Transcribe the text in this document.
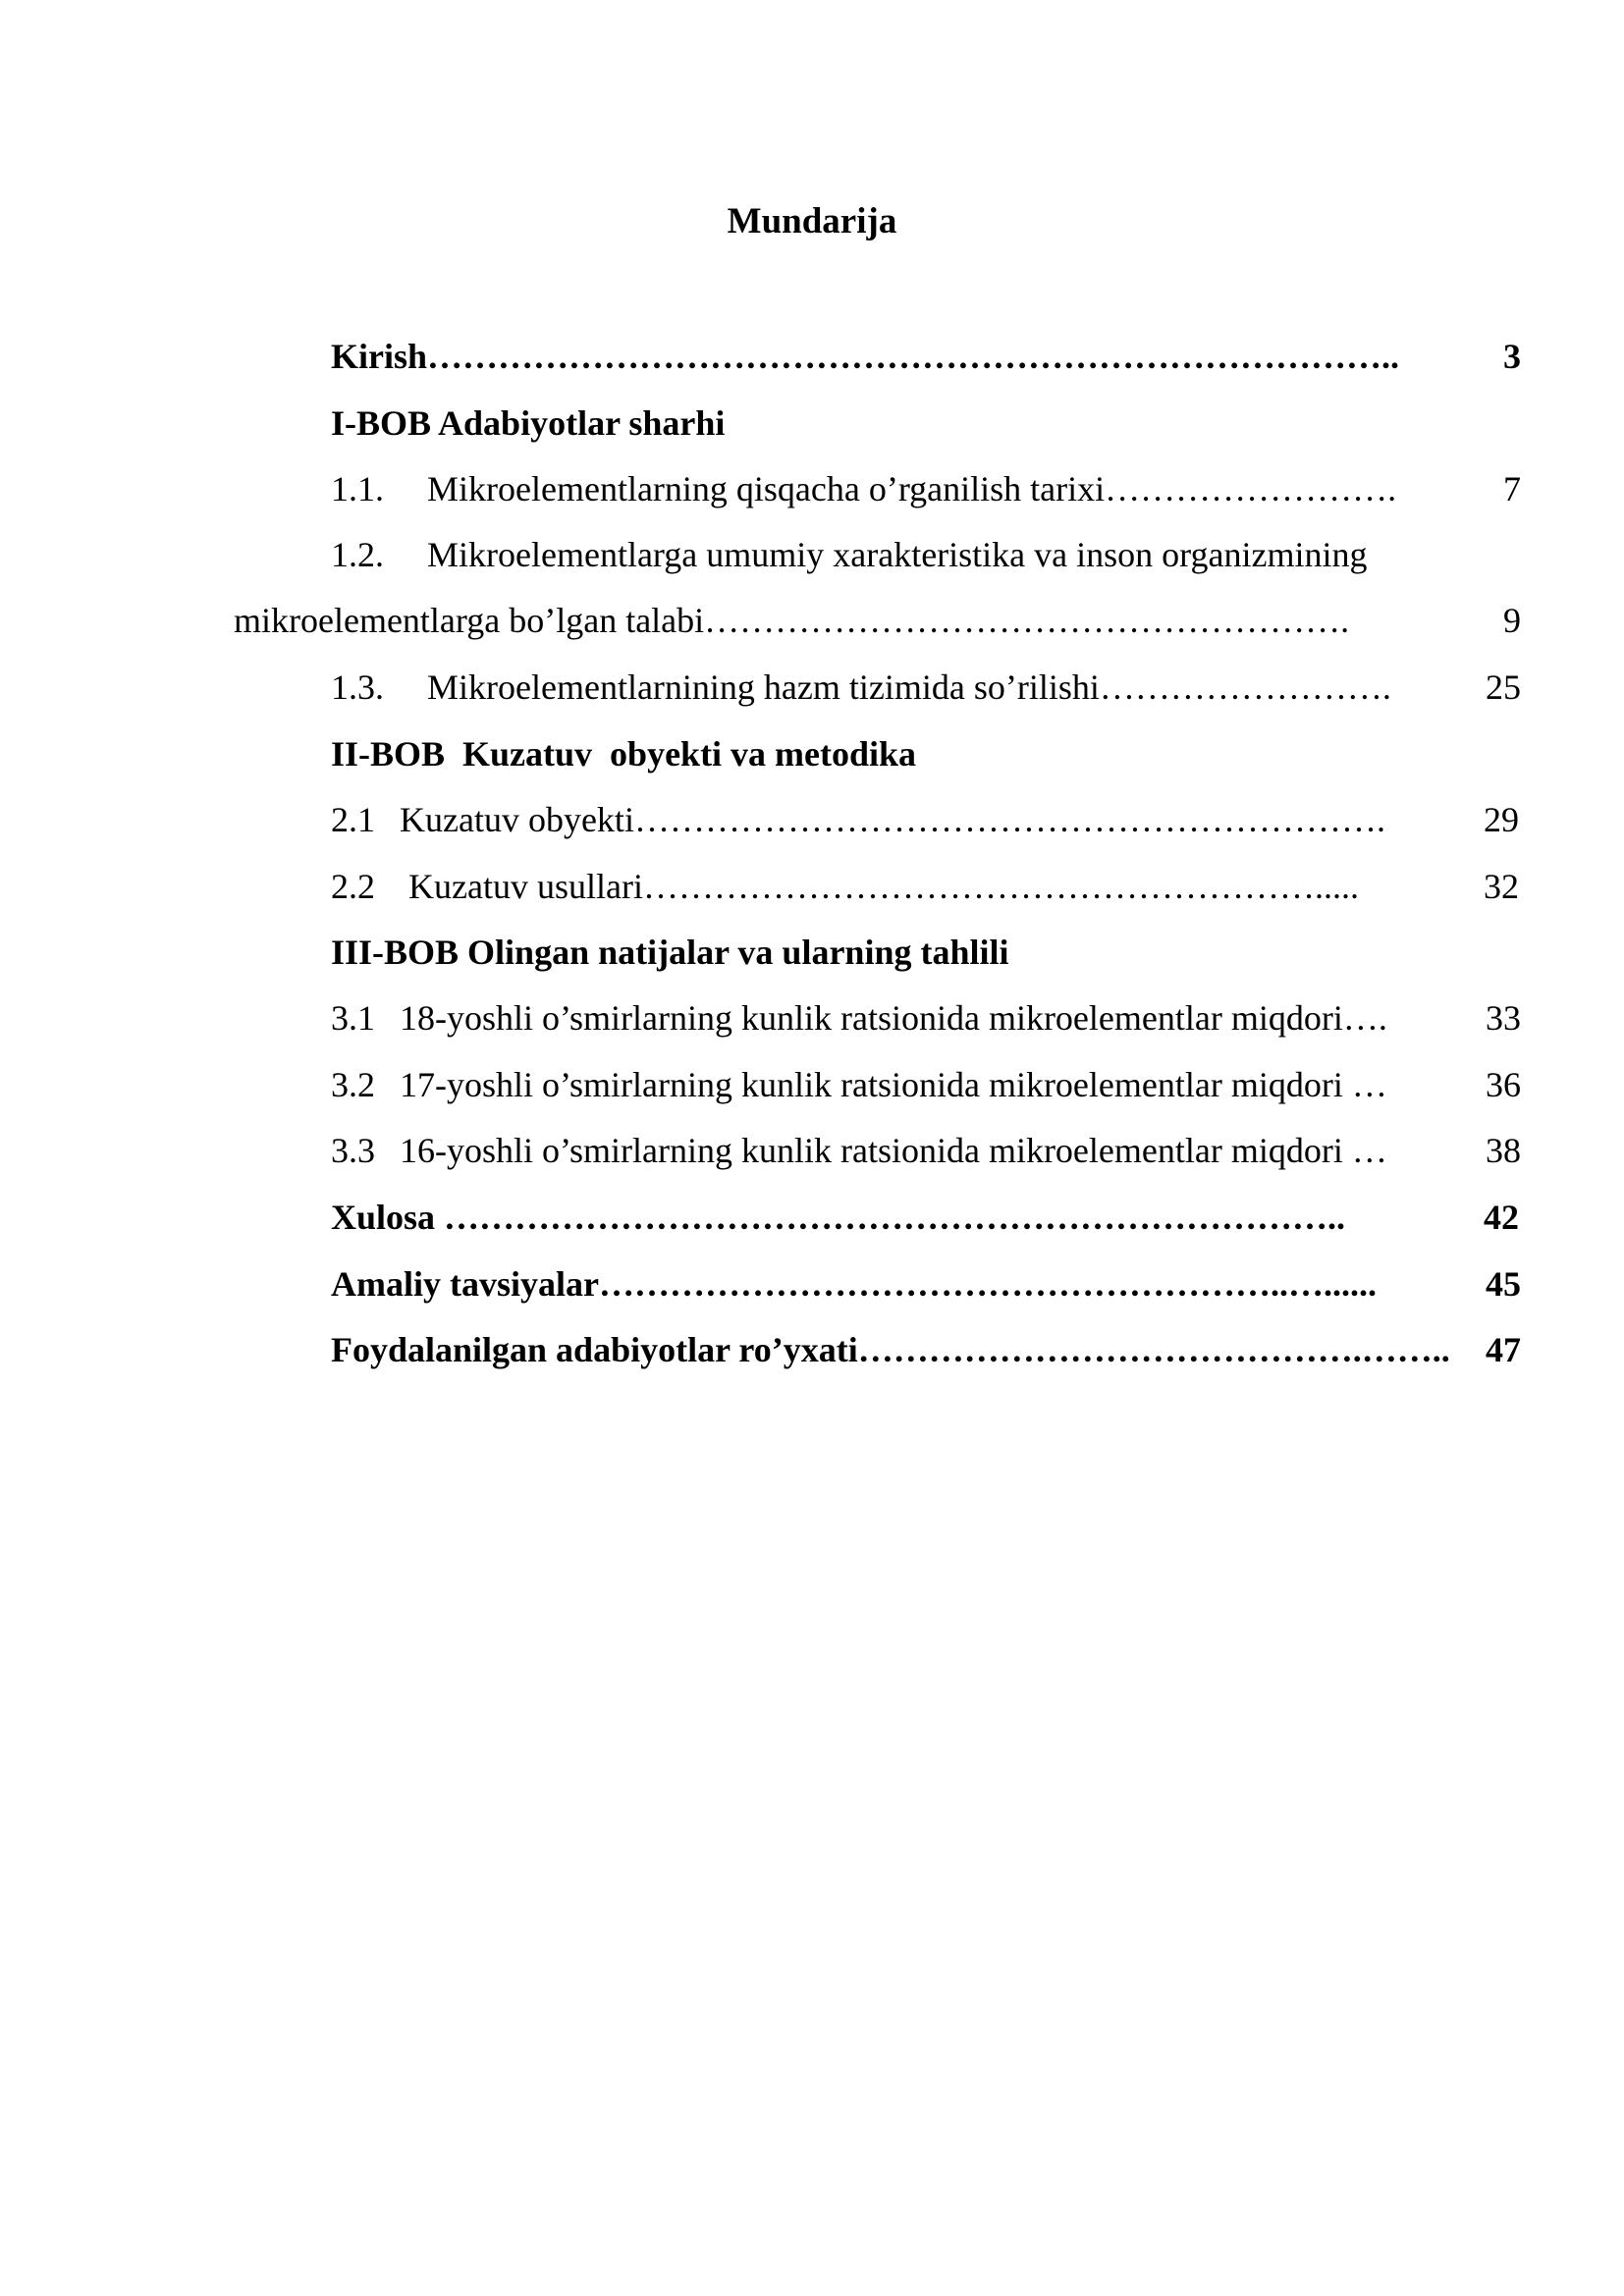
Mundarija
Kirish ………………………………………………………………………..	3
I-BOB Adabiyotlar sharhi
1.1.	Mikroelementlarning qisqacha o’rganilish tarixi …………………….	7
1.2. Mikroelementlarga umumiy xarakteristika va inson organizmining
mikroelementlarga bo’lgan talabi ……………………………………………….	9
1.3.	Mikroelementlarnining hazm tizimida so’rilishi …………………….	25
II-BOB  Kuzatuv  obyekti va metodika
2.1 Kuzatuv obyekti ……………………………………………………….	29
2.2 Kuzatuv usullari ………………………………………………….....	32
III-BOB Olingan natijalar va ularning tahlili
3.1 18-yoshli o’smirlarning kunlik ratsionida mikroelementlar miqdori ….	33
3.2 17-yoshli o’smirlarning kunlik ratsionida mikroelementlar miqdori …	36
3.3 16-yoshli o’smirlarning kunlik ratsionida mikroelementlar miqdori …	38
Xulosa …………………………………………………………………..	42
Amaliy tavsiyalar …………………………………………………..…......	45
Foydalanilgan adabiyotlar ro’yxati …………………………………….……..	47
